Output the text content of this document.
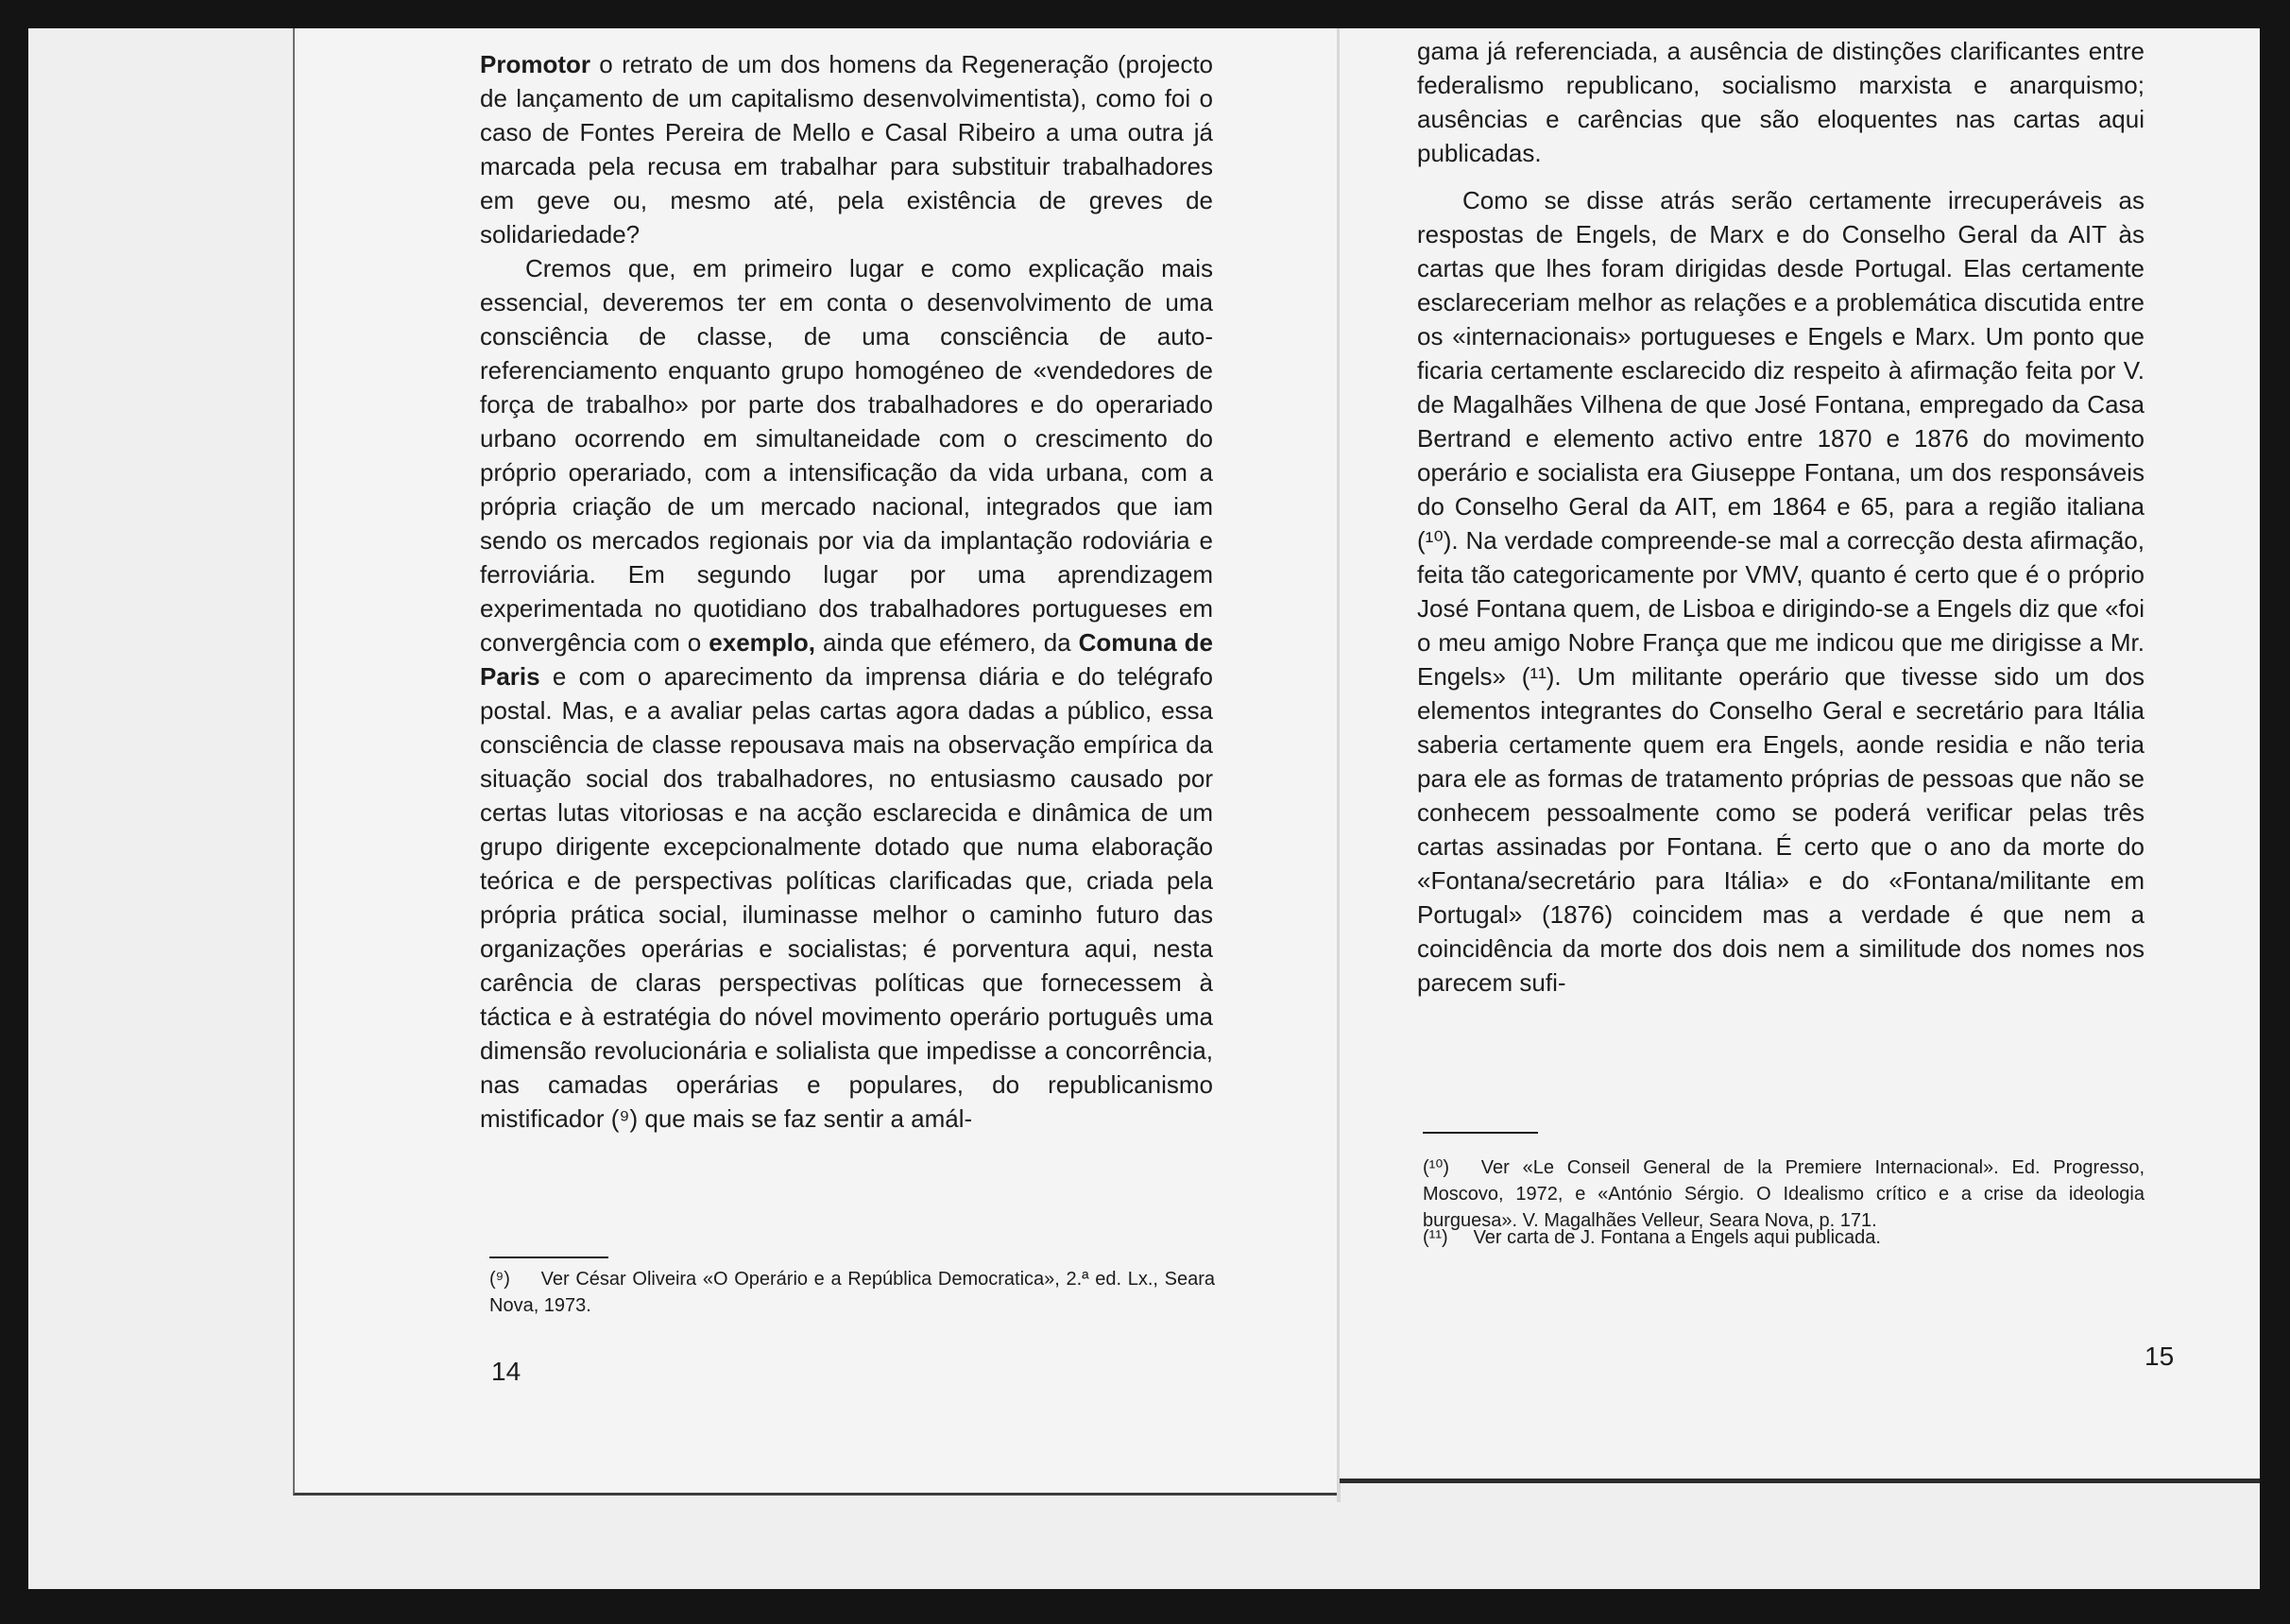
Promotor o retrato de um dos homens da Regeneração (projecto de lançamento de um capitalismo desenvolvimentista), como foi o caso de Fontes Pereira de Mello e Casal Ribeiro a uma outra já marcada pela recusa em trabalhar para substituir trabalhadores em geve ou, mesmo até, pela existência de greves de solidariedade?

Cremos que, em primeiro lugar e como explicação mais essencial, deveremos ter em conta o desenvolvimento de uma consciência de classe, de uma consciência de auto-referenciamento enquanto grupo homogéneo de «vendedores de força de trabalho» por parte dos trabalhadores e do operariado urbano ocorrendo em simultaneidade com o crescimento do próprio operariado, com a intensificação da vida urbana, com a própria criação de um mercado nacional, integrados que iam sendo os mercados regionais por via da implantação rodoviária e ferroviária. Em segundo lugar por uma aprendizagem experimentada no quotidiano dos trabalhadores portugueses em convergência com o exemplo, ainda que efémero, da Comuna de Paris e com o aparecimento da imprensa diária e do telégrafo postal. Mas, e a avaliar pelas cartas agora dadas a público, essa consciência de classe repousava mais na observação empírica da situação social dos trabalhadores, no entusiasmo causado por certas lutas vitoriosas e na acção esclarecida e dinâmica de um grupo dirigente excepcionalmente dotado que numa elaboração teórica e de perspectivas políticas clarificadas que, criada pela própria prática social, iluminasse melhor o caminho futuro das organizações operárias e socialistas; é porventura aqui, nesta carência de claras perspectivas políticas que fornecessem à táctica e à estratégia do nóvel movimento operário português uma dimensão revolucionária e solialista que impedisse a concorrência, nas camadas operárias e populares, do republicanismo mistificador (⁹) que mais se faz sentir a amál-

(⁹) Ver César Oliveira «O Operário e a República Democratica», 2.ª ed. Lx., Seara Nova, 1973.
14

gama já referenciada, a ausência de distinções clarificantes entre federalismo republicano, socialismo marxista e anarquismo; ausências e carências que são eloquentes nas cartas aqui publicadas.

Como se disse atrás serão certamente irrecuperáveis as respostas de Engels, de Marx e do Conselho Geral da AIT às cartas que lhes foram dirigidas desde Portugal. Elas certamente esclareceriam melhor as relações e a problemática discutida entre os «internacionais» portugueses e Engels e Marx. Um ponto que ficaria certamente esclarecido diz respeito à afirmação feita por V. de Magalhães Vilhena de que José Fontana, empregado da Casa Bertrand e elemento activo entre 1870 e 1876 do movimento operário e socialista era Giuseppe Fontana, um dos responsáveis do Conselho Geral da AIT, em 1864 e 65, para a região italiana (¹⁰). Na verdade compreende-se mal a correcção desta afirmação, feita tão categoricamente por VMV, quanto é certo que é o próprio José Fontana quem, de Lisboa e dirigindo-se a Engels diz que «foi o meu amigo Nobre França que me indicou que me dirigisse a Mr. Engels» (¹¹). Um militante operário que tivesse sido um dos elementos integrantes do Conselho Geral e secretário para Itália saberia certamente quem era Engels, aonde residia e não teria para ele as formas de tratamento próprias de pessoas que não se conhecem pessoalmente como se poderá verificar pelas três cartas assinadas por Fontana. É certo que o ano da morte do «Fontana/secretário para Itália» e do «Fontana/militante em Portugal» (1876) coincidem mas a verdade é que nem a coincidência da morte dos dois nem a similitude dos nomes nos parecem sufi-

(¹⁰) Ver «Le Conseil General de la Premiere Internacional». Ed. Progresso, Moscovo, 1972, e «António Sérgio. O Idealismo crítico e a crise da ideologia burguesa». V. Magalhães Velleur, Seara Nova, p. 171.
(¹¹) Ver carta de J. Fontana a Engels aqui publicada.
15
